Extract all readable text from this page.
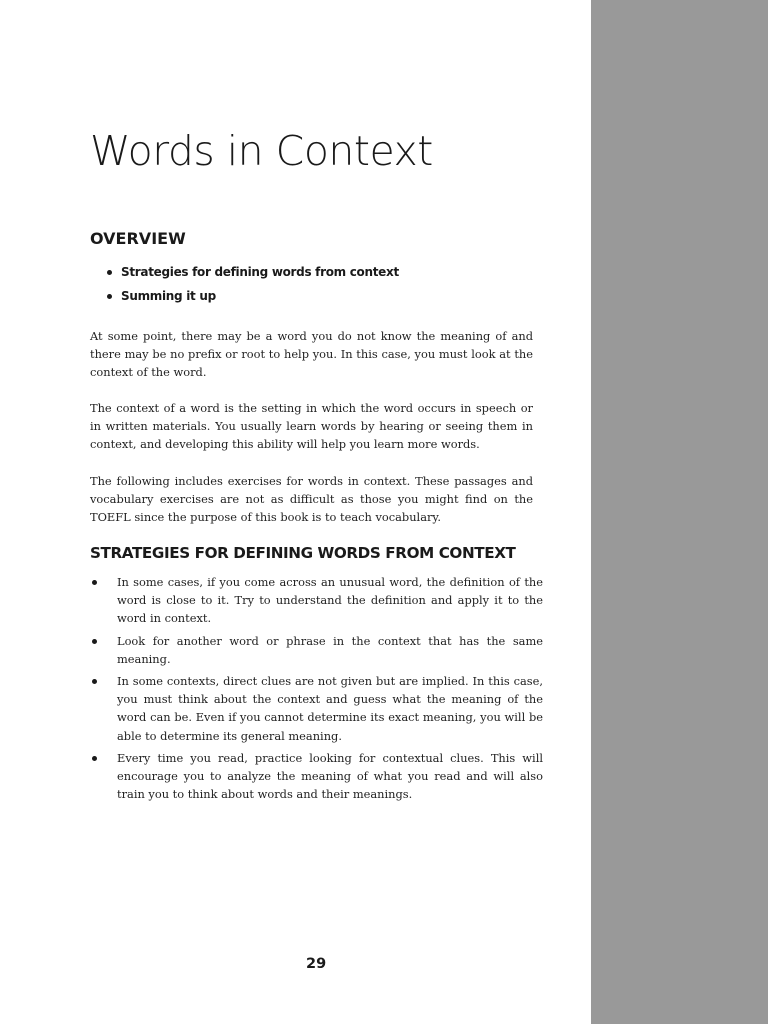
Words in Context
OVERVIEW
Strategies for defining words from context
Summing it up

At some point, there may be a word you do not know the meaning of and there may be no prefix or root to help you. In this case, you must look at the context of the word.

The context of a word is the setting in which the word occurs in speech or in written materials. You usually learn words by hearing or seeing them in context, and developing this ability will help you learn more words.

The following includes exercises for words in context. These passages and vocabulary exercises are not as difficult as those you might find on the TOEFL since the purpose of this book is to teach vocabulary.

STRATEGIES FOR DEFINING WORDS FROM CONTEXT
In some cases, if you come across an unusual word, the definition of the word is close to it. Try to understand the definition and apply it to the word in context.
Look for another word or phrase in the context that has the same meaning.
In some contexts, direct clues are not given but are implied. In this case, you must think about the context and guess what the meaning of the word can be. Even if you cannot determine its exact meaning, you will be able to determine its general meaning.
Every time you read, practice looking for contextual clues. This will encourage you to analyze the meaning of what you read and will also train you to think about words and their meanings.
29
